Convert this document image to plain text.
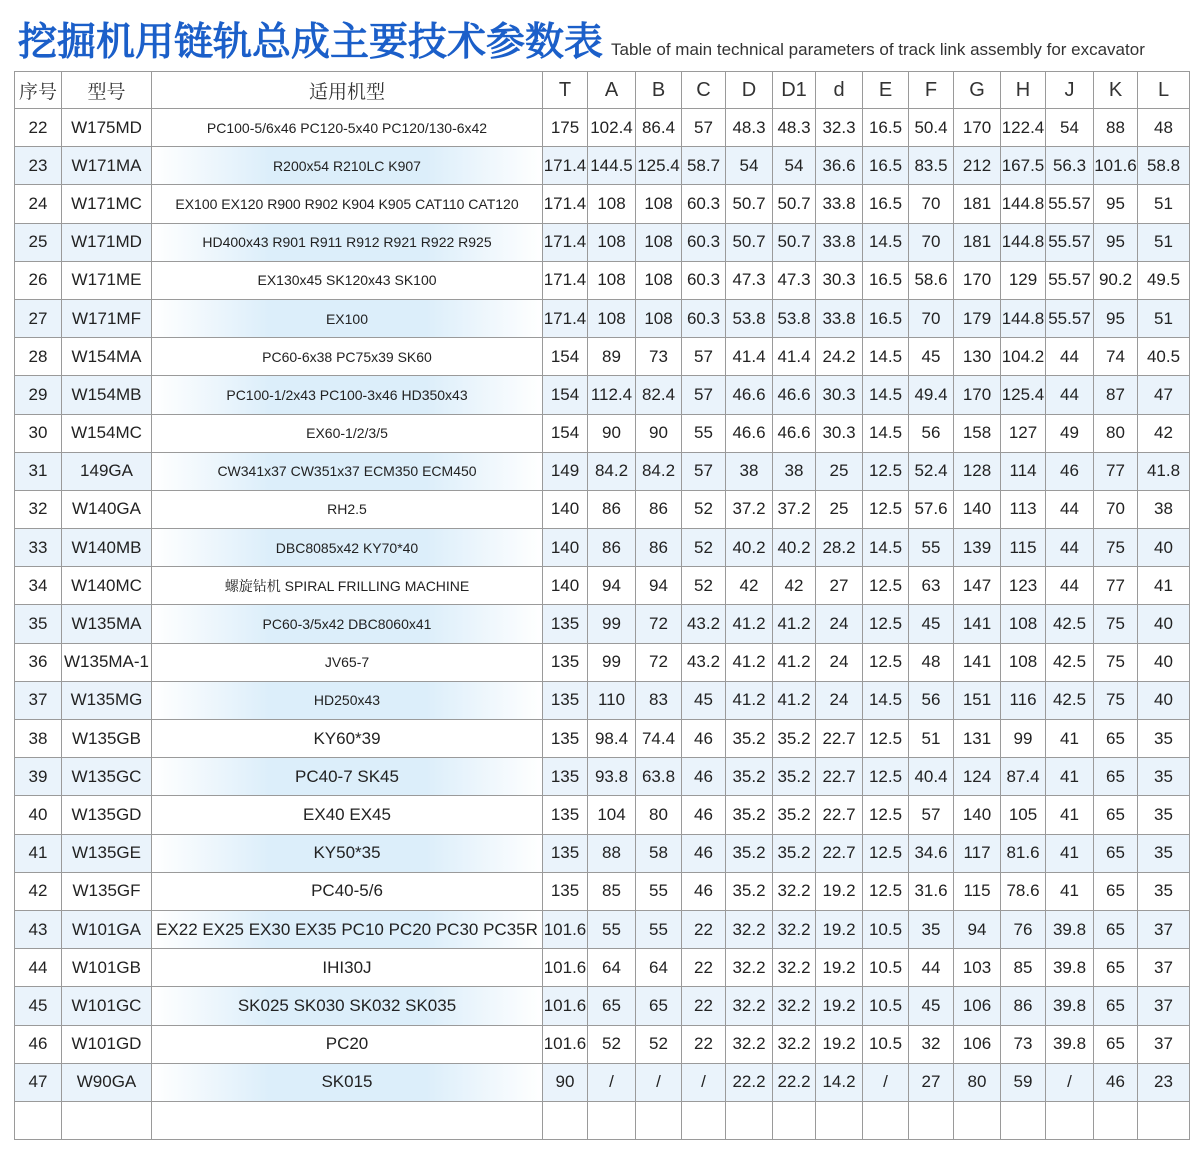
挖掘机用链轨总成主要技术参数表 Table of main technical parameters of track link assembly for excavator
序号	型号	适用机型	T	A	B	C	D	D1	d	E	F	G	H	J	K	L
22	W175MD	PC100-5/6x46 PC120-5x40 PC120/130-6x42	175	102.4	86.4	57	48.3	48.3	32.3	16.5	50.4	170	122.4	54	88	48
23	W171MA	R200x54 R210LC K907	171.4	144.5	125.4	58.7	54	54	36.6	16.5	83.5	212	167.5	56.3	101.6	58.8
24	W171MC	EX100 EX120 R900 R902 K904 K905 CAT110 CAT120	171.4	108	108	60.3	50.7	50.7	33.8	16.5	70	181	144.8	55.57	95	51
25	W171MD	HD400x43 R901 R911 R912 R921 R922 R925	171.4	108	108	60.3	50.7	50.7	33.8	14.5	70	181	144.8	55.57	95	51
26	W171ME	EX130x45 SK120x43 SK100	171.4	108	108	60.3	47.3	47.3	30.3	16.5	58.6	170	129	55.57	90.2	49.5
27	W171MF	EX100	171.4	108	108	60.3	53.8	53.8	33.8	16.5	70	179	144.8	55.57	95	51
28	W154MA	PC60-6x38 PC75x39 SK60	154	89	73	57	41.4	41.4	24.2	14.5	45	130	104.2	44	74	40.5
29	W154MB	PC100-1/2x43 PC100-3x46 HD350x43	154	112.4	82.4	57	46.6	46.6	30.3	14.5	49.4	170	125.4	44	87	47
30	W154MC	EX60-1/2/3/5	154	90	90	55	46.6	46.6	30.3	14.5	56	158	127	49	80	42
31	149GA	CW341x37 CW351x37 ECM350 ECM450	149	84.2	84.2	57	38	38	25	12.5	52.4	128	114	46	77	41.8
32	W140GA	RH2.5	140	86	86	52	37.2	37.2	25	12.5	57.6	140	113	44	70	38
33	W140MB	DBC8085x42 KY70*40	140	86	86	52	40.2	40.2	28.2	14.5	55	139	115	44	75	40
34	W140MC	螺旋钻机 SPIRAL FRILLING MACHINE	140	94	94	52	42	42	27	12.5	63	147	123	44	77	41
35	W135MA	PC60-3/5x42 DBC8060x41	135	99	72	43.2	41.2	41.2	24	12.5	45	141	108	42.5	75	40
36	W135MA-1	JV65-7	135	99	72	43.2	41.2	41.2	24	12.5	48	141	108	42.5	75	40
37	W135MG	HD250x43	135	110	83	45	41.2	41.2	24	14.5	56	151	116	42.5	75	40
38	W135GB	KY60*39	135	98.4	74.4	46	35.2	35.2	22.7	12.5	51	131	99	41	65	35
39	W135GC	PC40-7 SK45	135	93.8	63.8	46	35.2	35.2	22.7	12.5	40.4	124	87.4	41	65	35
40	W135GD	EX40 EX45	135	104	80	46	35.2	35.2	22.7	12.5	57	140	105	41	65	35
41	W135GE	KY50*35	135	88	58	46	35.2	35.2	22.7	12.5	34.6	117	81.6	41	65	35
42	W135GF	PC40-5/6	135	85	55	46	35.2	32.2	19.2	12.5	31.6	115	78.6	41	65	35
43	W101GA	EX22 EX25 EX30 EX35 PC10 PC20 PC30 PC35R	101.6	55	55	22	32.2	32.2	19.2	10.5	35	94	76	39.8	65	37
44	W101GB	IHI30J	101.6	64	64	22	32.2	32.2	19.2	10.5	44	103	85	39.8	65	37
45	W101GC	SK025 SK030 SK032 SK035	101.6	65	65	22	32.2	32.2	19.2	10.5	45	106	86	39.8	65	37
46	W101GD	PC20	101.6	52	52	22	32.2	32.2	19.2	10.5	32	106	73	39.8	65	37
47	W90GA	SK015	90	/	/	/	22.2	22.2	14.2	/	27	80	59	/	46	23
